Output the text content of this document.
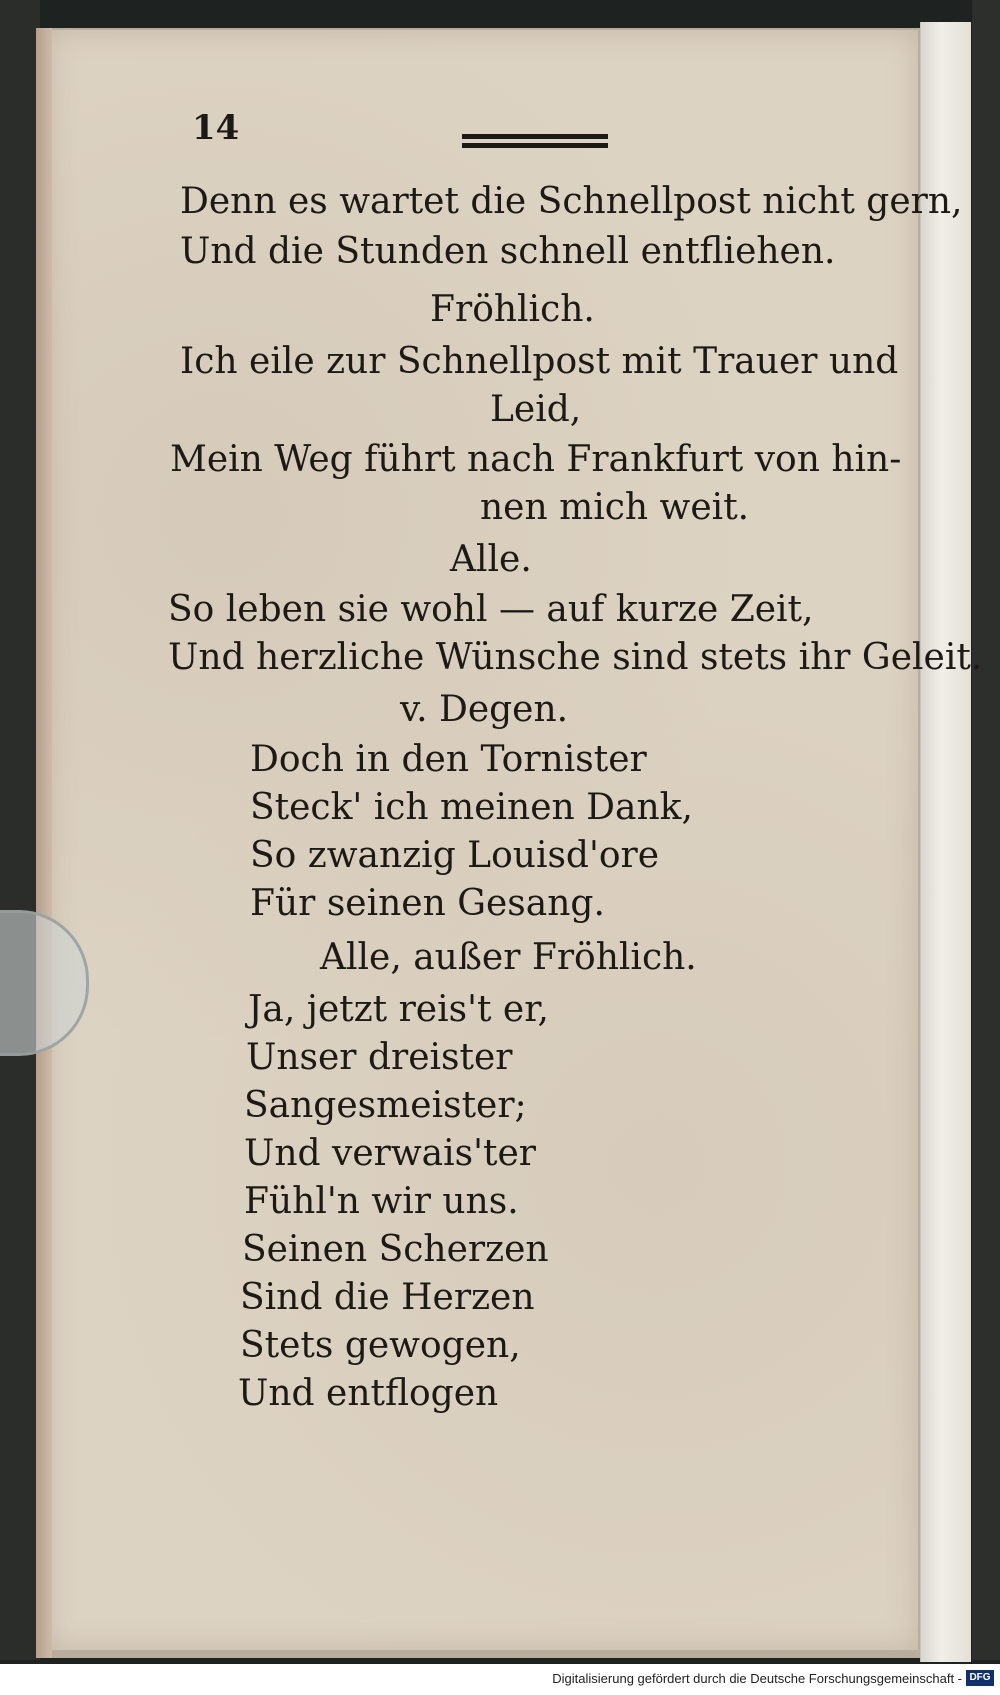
14
Denn es wartet die Schnellpost nicht gern,
Und die Stunden schnell entfliehen.
Fröhlich.
Ich eile zur Schnellpost mit Trauer und
Leid,
Mein Weg führt nach Frankfurt von hin-
nen mich weit.
Alle.
So leben sie wohl — auf kurze Zeit,
Und herzliche Wünsche sind stets ihr Geleit.
v. Degen.
Doch in den Tornister
Steck' ich meinen Dank,
So zwanzig Louisd'ore
Für seinen Gesang.
Alle, außer Fröhlich.
Ja, jetzt reis't er,
Unser dreister
Sangesmeister;
Und verwais'ter
Fühl'n wir uns.
Seinen Scherzen
Sind die Herzen
Stets gewogen,
Und entflogen
Digitalisierung gefördert durch die Deutsche Forschungsgemeinschaft - DFG
